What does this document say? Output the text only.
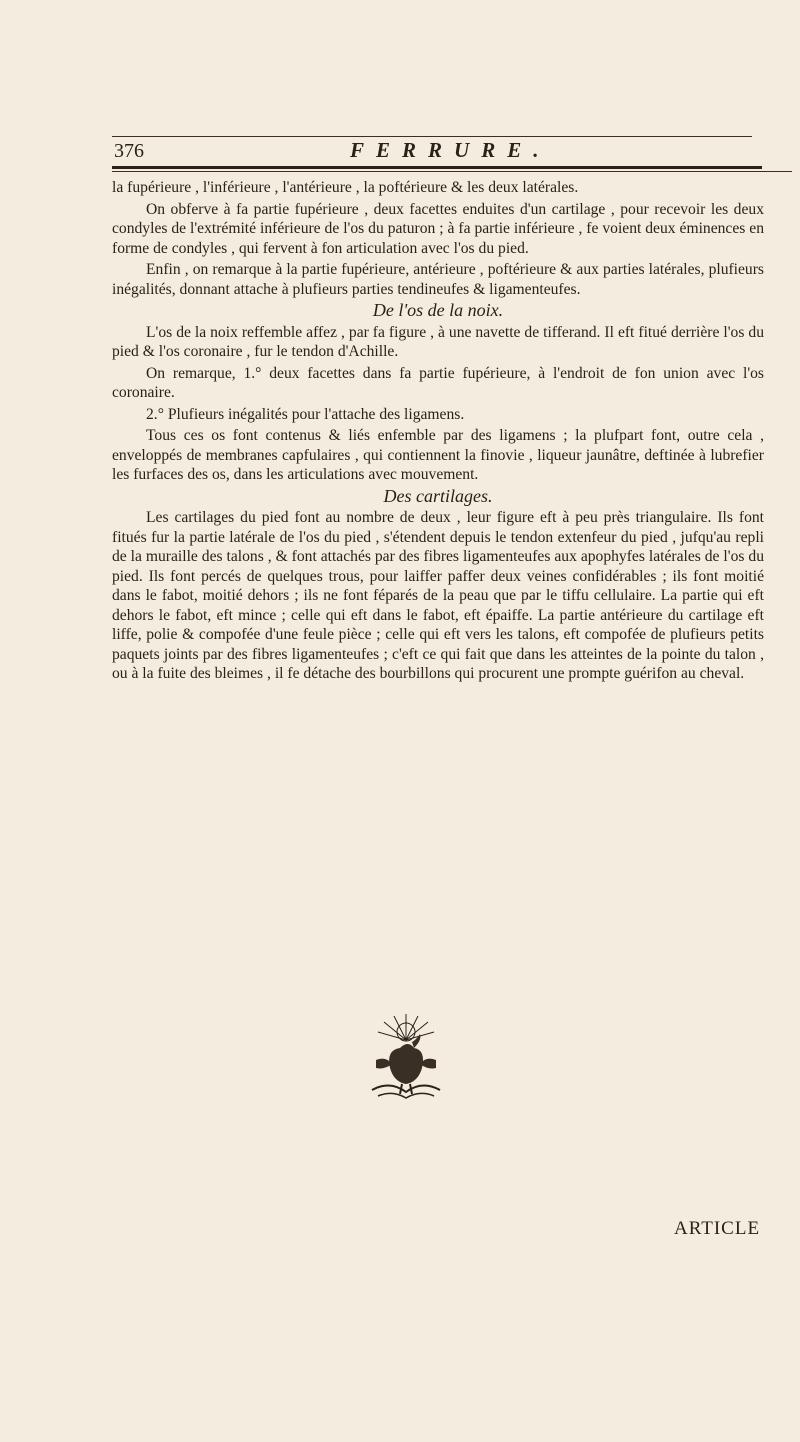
376	FERRURE.

la fupérieure , l'inférieure , l'antérieure , la poftérieure & les deux latérales.

On obferve à fa partie fupérieure , deux facettes enduites d'un cartilage , pour recevoir les deux condyles de l'extrémité inférieure de l'os du paturon ; à fa partie inférieure , fe voient deux éminences en forme de condyles , qui fervent à fon articulation avec l'os du pied.

Enfin , on remarque à la partie fupérieure, antérieure , poftérieure & aux parties latérales, plufieurs inégalités, donnant attache à plufieurs parties tendineufes & ligamenteufes.

De l'os de la noix.

L'os de la noix reffemble affez , par fa figure , à une navette de tifferand. Il eft fitué derrière l'os du pied & l'os coronaire , fur le tendon d'Achille.

On remarque, 1.° deux facettes dans fa partie fupérieure, à l'endroit de fon union avec l'os coronaire.

2.° Plufieurs inégalités pour l'attache des ligamens.

Tous ces os font contenus & liés enfemble par des ligamens ; la plufpart font, outre cela , enveloppés de membranes capfulaires , qui contiennent la finovie , liqueur jaunâtre, deftinée à lubrefier les furfaces des os, dans les articulations avec mouvement.

Des cartilages.

Les cartilages du pied font au nombre de deux , leur figure eft à peu près triangulaire. Ils font fitués fur la partie latérale de l'os du pied , s'étendent depuis le tendon extenfeur du pied , jufqu'au repli de la muraille des talons , & font attachés par des fibres ligamenteufes aux apophyfes latérales de l'os du pied. Ils font percés de quelques trous, pour laiffer paffer deux veines confidérables ; ils font moitié dans le fabot, moitié dehors ; ils ne font féparés de la peau que par le tiffu cellulaire. La partie qui eft dehors le fabot, eft mince ; celle qui eft dans le fabot, eft épaiffe. La partie antérieure du cartilage eft liffe, polie & compofée d'une feule pièce ; celle qui eft vers les talons, eft compofée de plufieurs petits paquets joints par des fibres ligamenteufes ; c'eft ce qui fait que dans les atteintes de la pointe du talon , ou à la fuite des bleimes , il fe détache des bourbillons qui procurent une prompte guérifon au cheval.

ARTICLE
